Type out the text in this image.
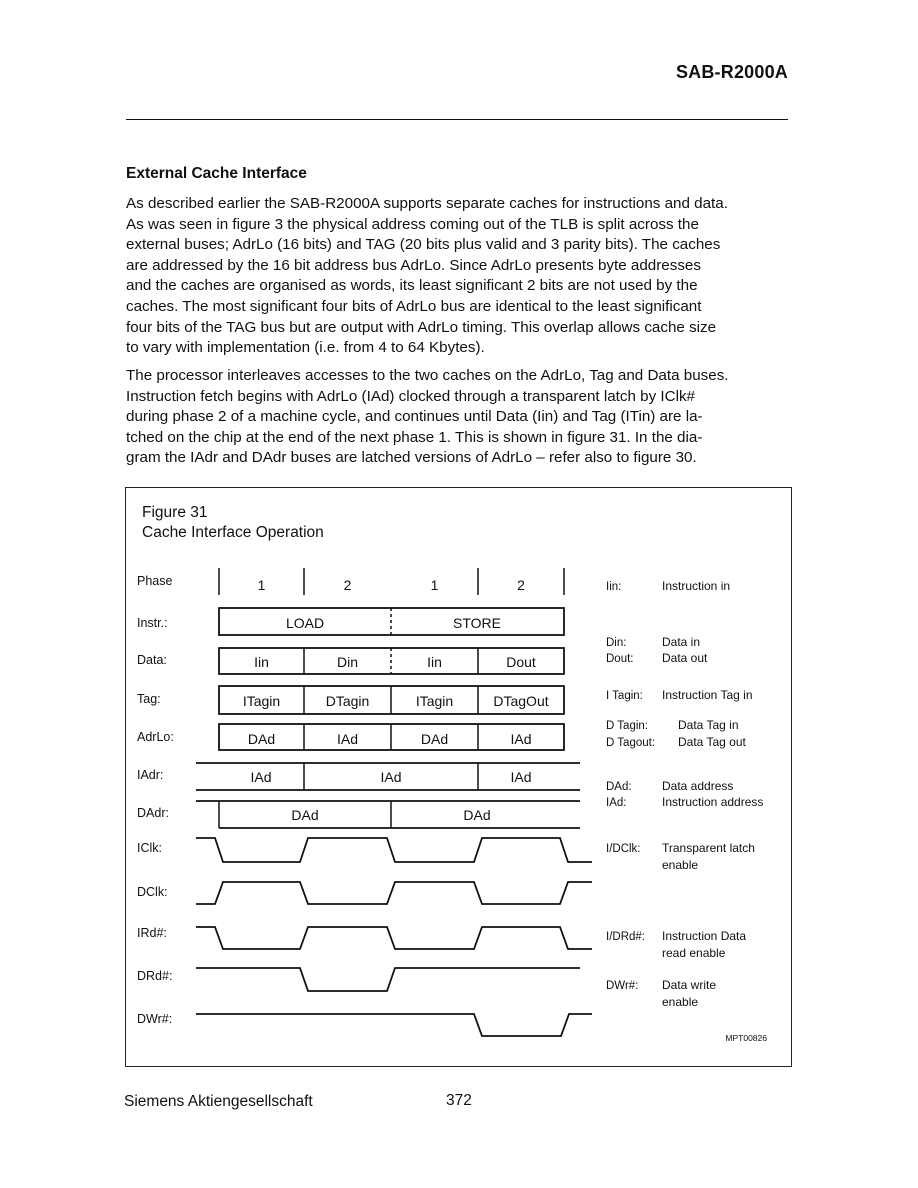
SAB-R2000A
External Cache Interface

As described earlier the SAB-R2000A supports separate caches for instructions and data.
As was seen in figure 3 the physical address coming out of the TLB is split across the
external buses; AdrLo (16 bits) and TAG (20 bits plus valid and 3 parity bits). The caches
are addressed by the 16 bit address bus AdrLo. Since AdrLo presents byte addresses
and the caches are organised as words, its least significant 2 bits are not used by the
caches. The most significant four bits of AdrLo bus are identical to the least significant
four bits of the TAG bus but are output with AdrLo timing. This overlap allows cache size
to vary with implementation (i.e. from 4 to 64 Kbytes).

The processor interleaves accesses to the two caches on the AdrLo, Tag and Data buses.
Instruction fetch begins with AdrLo (IAd) clocked through a transparent latch by IClk#
during phase 2 of a machine cycle, and continues until Data (Iin) and Tag (ITin) are la-
tched on the chip at the end of the next phase 1. This is shown in figure 31. In the dia-
gram the IAdr and DAdr buses are latched versions of AdrLo – refer also to figure 30.

Figure 31
Cache Interface Operation
Phase
Instr.:
Data:
Tag:
AdrLo:
IAdr:
DAdr:
IClk:
DClk:
IRd#:
DRd#:
DWr#:
1	2	1	2
LOAD	STORE
Iin	Din	Iin	Dout
ITagin	DTagin	ITagin	DTagOut
DAd	IAd	DAd	IAd
IAd	IAd	IAd
DAd	DAd
Iin:	Instruction in
Din:	Data in
Dout: Data out
I Tagin: Instruction Tag in
D Tagin:	Data Tag in
D Tagout: Data Tag out
DAd:	Data address
IAd:	Instruction address
I/DClk: Transparent latch
enable
I/DRd#: Instruction Data
read enable
DWr#: Data write
enable
MPT00826
Siemens Aktiengesellschaft	372
